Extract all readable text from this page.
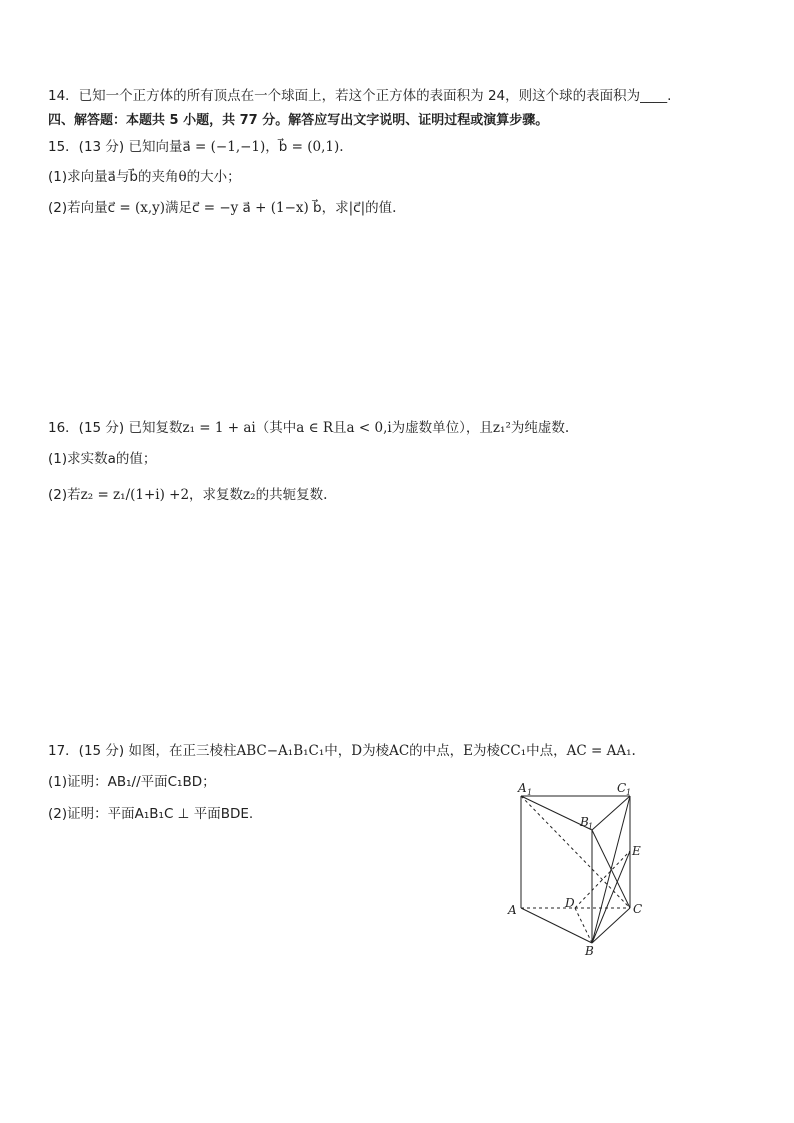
14．已知一个正方体的所有顶点在一个球面上，若这个正方体的表面积为 24，则这个球的表面积为____.
四、解答题：本题共 5 小题，共 77 分。解答应写出文字说明、证明过程或演算步骤。
15．(13 分) 已知向量a⃗ = (−1,−1)，b⃗ = (0,1).
(1)求向量a⃗与b⃗的夹角θ的大小；
(2)若向量c⃗ = (x,y)满足c⃗ = −y a⃗ + (1−x) b⃗，求|c⃗|的值.
16．(15 分) 已知复数z₁ = 1 + ai（其中a ∈ R且a < 0,i为虚数单位），且z₁²为纯虚数.
(1)求实数a的值；
(2)若z₂ = z₁/(1+i) +2，求复数z₂的共轭复数.
17．(15 分) 如图，在正三棱柱ABC−A₁B₁C₁中，D为棱AC的中点，E为棱CC₁中点，AC = AA₁.
(1)证明：AB₁//平面C₁BD；
(2)证明：平面A₁B₁C ⊥ 平面BDE.
A 1	C 1
B 1
E
D
A	C
B
